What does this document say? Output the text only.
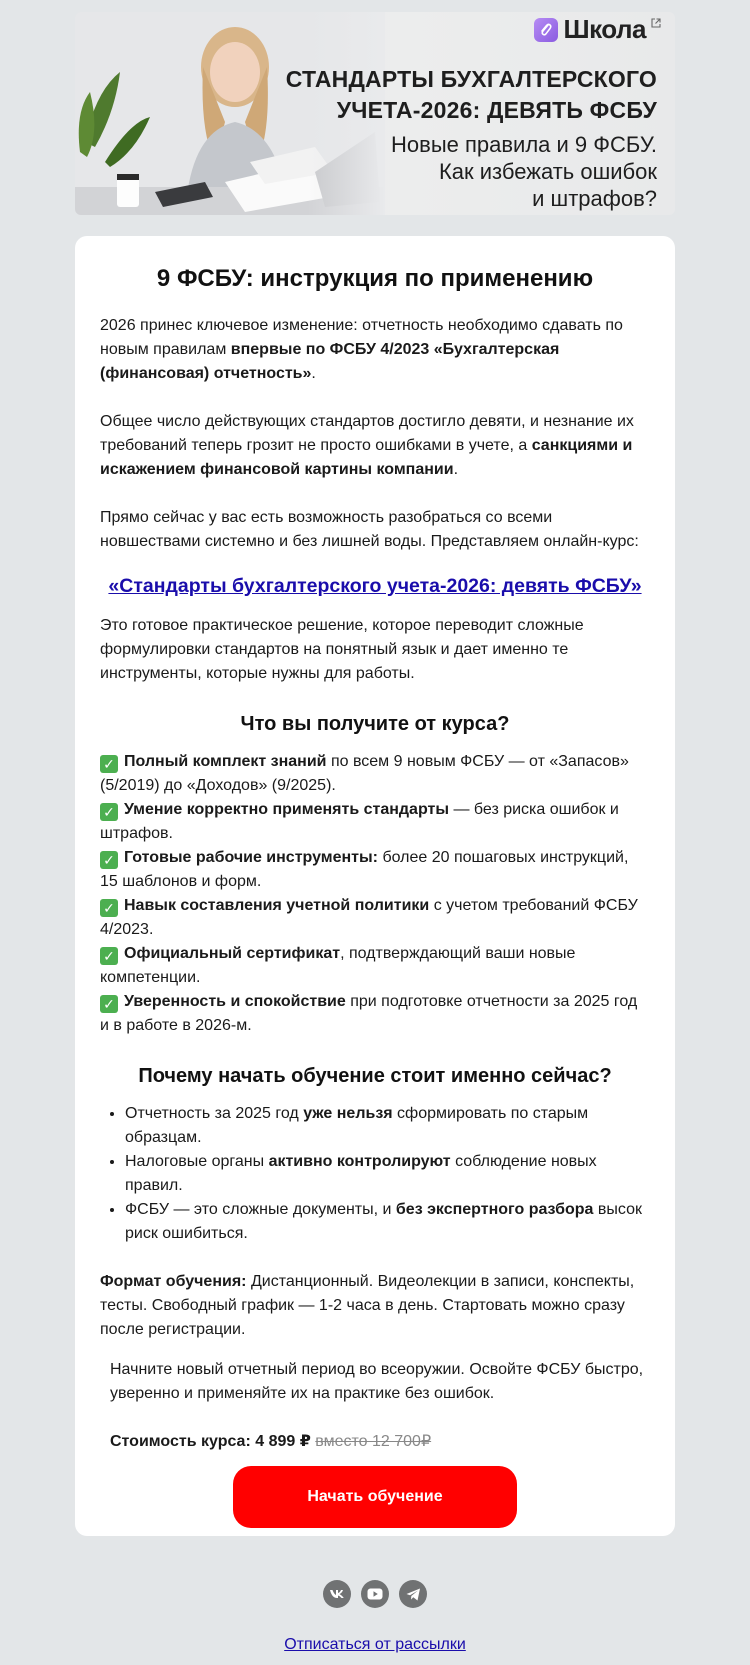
Школа
СТАНДАРТЫ БУХГАЛТЕРСКОГО
УЧЕТА-2026: ДЕВЯТЬ ФСБУ
Новые правила и 9 ФСБУ.
Как избежать ошибок
и штрафов?
9 ФСБУ: инструкция по применению

2026 принес ключевое изменение: отчетность необходимо сдавать по новым правилам впервые по ФСБУ 4/2023 «Бухгалтерская (финансовая) отчетность».

Общее число действующих стандартов достигло девяти, и незнание их требований теперь грозит не просто ошибками в учете, а санкциями и искажением финансовой картины компании.

Прямо сейчас у вас есть возможность разобраться со всеми новшествами системно и без лишней воды. Представляем онлайн-курс:

«Стандарты бухгалтерского учета-2026: девять ФСБУ»

Это готовое практическое решение, которое переводит сложные формулировки стандартов на понятный язык и дает именно те инструменты, которые нужны для работы.

Что вы получите от курса?

✓ Полный комплект знаний по всем 9 новым ФСБУ — от «Запасов» (5/2019) до «Доходов» (9/2025).

✓ Умение корректно применять стандарты — без риска ошибок и штрафов.

✓ Готовые рабочие инструменты: более 20 пошаговых инструкций, 15 шаблонов и форм.

✓ Навык составления учетной политики с учетом требований ФСБУ 4/2023.

✓ Официальный сертификат, подтверждающий ваши новые компетенции.

✓ Уверенность и спокойствие при подготовке отчетности за 2025 год и в работе в 2026-м.

Почему начать обучение стоит именно сейчас?
• Отчетность за 2025 год уже нельзя сформировать по старым образцам.
• Налоговые органы активно контролируют соблюдение новых правил.
• ФСБУ — это сложные документы, и без экспертного разбора высок риск ошибиться.

Формат обучения: Дистанционный. Видеолекции в записи, конспекты, тесты. Свободный график — 1-2 часа в день. Стартовать можно сразу после регистрации.

Начните новый отчетный период во всеоружии. Освойте ФСБУ быстро, уверенно и применяйте их на практике без ошибок.

Стоимость курса: 4 899 ₽ вместо 12 700₽

Начать обучение
Отписаться от рассылки
